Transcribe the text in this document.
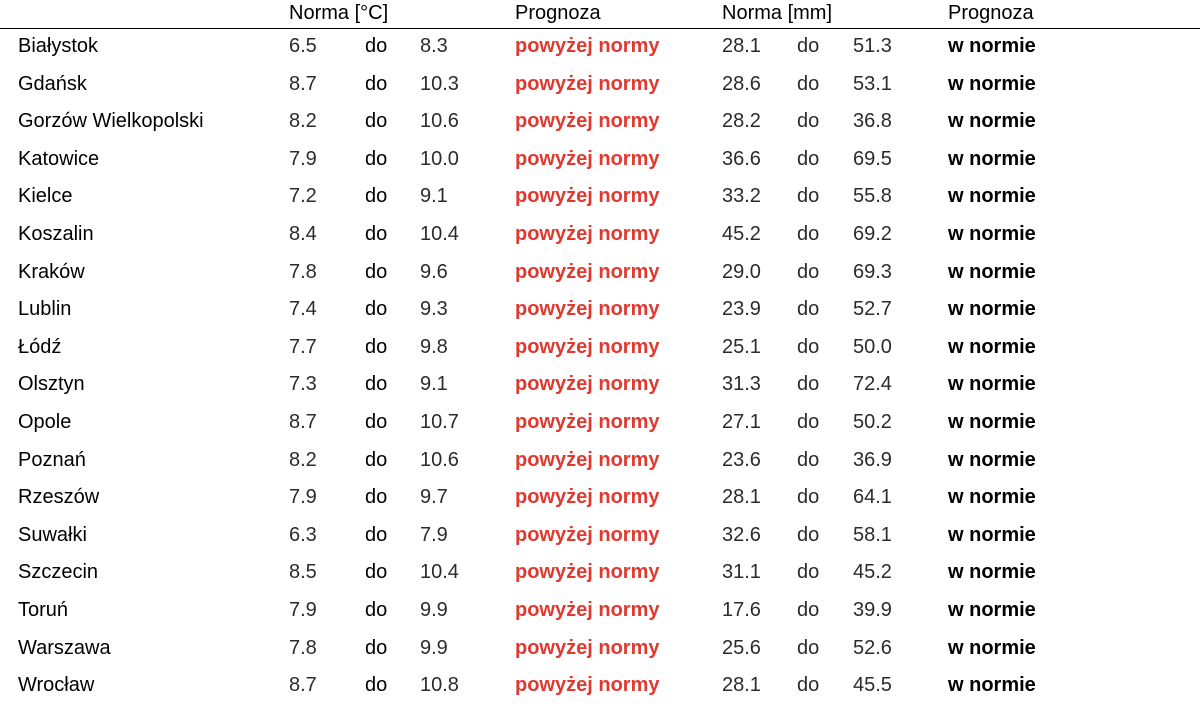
Norma [°C]	Prognoza	Norma [mm]	Prognoza
Białystok	6.5 do 8.3	powyżej normy	28.1 do 51.3	w normie
Gdańsk	8.7 do 10.3	powyżej normy	28.6 do 53.1	w normie
Gorzów Wielkopolski	8.2 do 10.6	powyżej normy	28.2 do 36.8	w normie
Katowice	7.9 do 10.0	powyżej normy	36.6 do 69.5	w normie
Kielce	7.2 do 9.1	powyżej normy	33.2 do 55.8	w normie
Koszalin	8.4 do 10.4	powyżej normy	45.2 do 69.2	w normie
Kraków	7.8 do 9.6	powyżej normy	29.0 do 69.3	w normie
Lublin	7.4 do 9.3	powyżej normy	23.9 do 52.7	w normie
Łódź	7.7 do 9.8	powyżej normy	25.1 do 50.0	w normie
Olsztyn	7.3 do 9.1	powyżej normy	31.3 do 72.4	w normie
Opole	8.7 do 10.7	powyżej normy	27.1 do 50.2	w normie
Poznań	8.2 do 10.6	powyżej normy	23.6 do 36.9	w normie
Rzeszów	7.9 do 9.7	powyżej normy	28.1 do 64.1	w normie
Suwałki	6.3 do 7.9	powyżej normy	32.6 do 58.1	w normie
Szczecin	8.5 do 10.4	powyżej normy	31.1 do 45.2	w normie
Toruń	7.9 do 9.9	powyżej normy	17.6 do 39.9	w normie
Warszawa	7.8 do 9.9	powyżej normy	25.6 do 52.6	w normie
Wrocław	8.7 do 10.8	powyżej normy	28.1 do 45.5	w normie
